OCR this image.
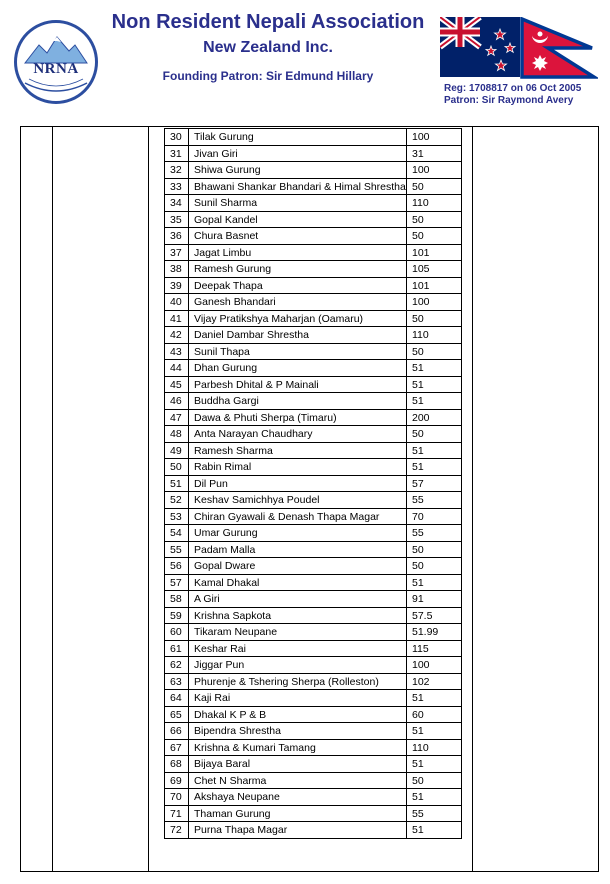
NRNA
Non Resident Nepali Association
New Zealand Inc.
Founding Patron: Sir Edmund Hillary
Reg: 1708817 on 06 Oct 2005
Patron: Sir Raymond Avery
30	Tilak Gurung	100
31	Jivan Giri	31
32	Shiwa Gurung	100
33	Bhawani Shankar Bhandari & Himal Shrestha 50
34	Sunil Sharma	110
35	Gopal Kandel	50
36	Chura Basnet	50
37	Jagat Limbu	101
38	Ramesh Gurung	105
39	Deepak Thapa	101
40	Ganesh Bhandari	100
41	Vijay Pratikshya Maharjan (Oamaru)	50
42	Daniel Dambar Shrestha	110
43	Sunil Thapa	50
44	Dhan Gurung	51
45	Parbesh Dhital & P Mainali	51
46	Buddha Gargi	51
47	Dawa & Phuti Sherpa (Timaru)	200
48	Anta Narayan Chaudhary	50
49	Ramesh Sharma	51
50	Rabin Rimal	51
51	Dil Pun	57
52	Keshav Samichhya Poudel	55
53	Chiran Gyawali & Denash Thapa Magar	70
54	Umar Gurung	55
55	Padam Malla	50
56	Gopal Dware	50
57	Kamal Dhakal	51
58	A Giri	91
59	Krishna Sapkota	57.5
60	Tikaram Neupane	51.99
61	Keshar Rai	115
62	Jiggar Pun	100
63	Phurenje & Tshering Sherpa (Rolleston)	102
64	Kaji Rai	51
65	Dhakal K P & B	60
66	Bipendra Shrestha	51
67	Krishna & Kumari Tamang	110
68	Bijaya Baral	51
69	Chet N Sharma	50
70	Akshaya Neupane	51
71	Thaman Gurung	55
72	Purna Thapa Magar	51
